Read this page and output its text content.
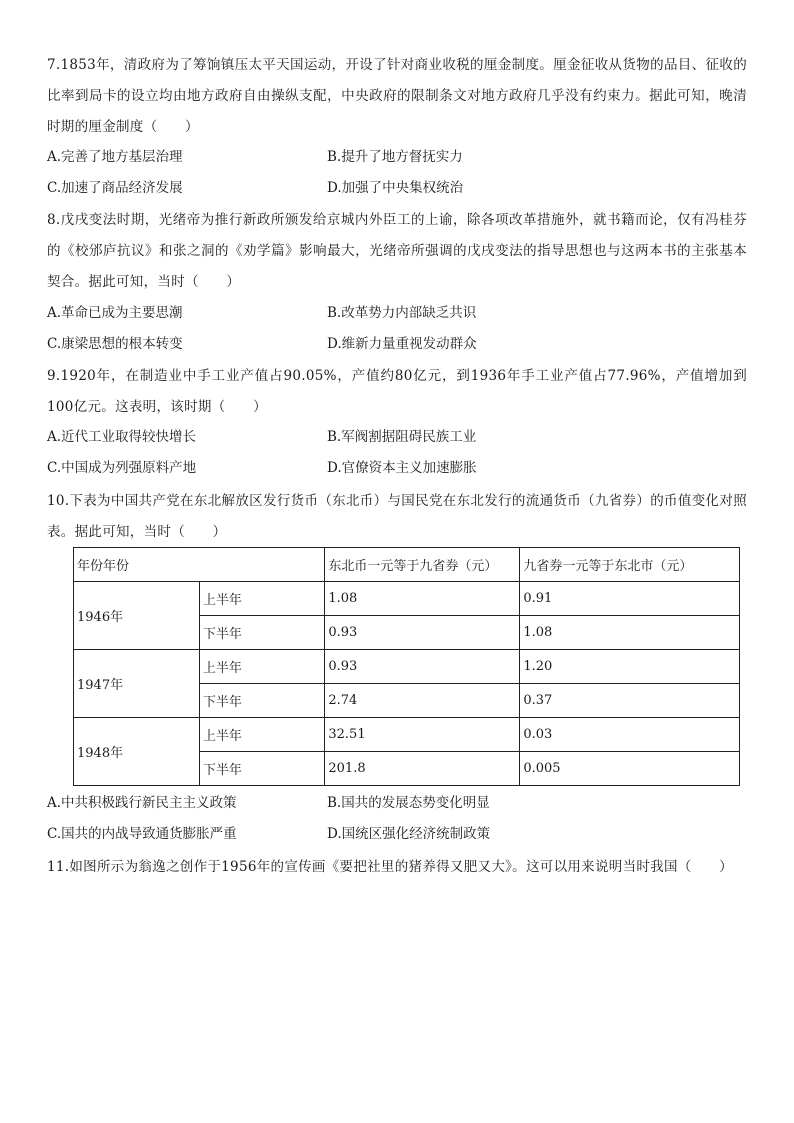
7.1853年，清政府为了筹饷镇压太平天国运动，开设了针对商业收税的厘金制度。厘金征收从货物的品目、征收的比率到局卡的设立均由地方政府自由操纵支配，中央政府的限制条文对地方政府几乎没有约束力。据此可知，晚清时期的厘金制度（　　）
A.完善了地方基层治理	B.提升了地方督抚实力
C.加速了商品经济发展	D.加强了中央集权统治
8.戊戌变法时期，光绪帝为推行新政所颁发给京城内外臣工的上谕，除各项改革措施外，就书籍而论，仅有冯桂芬的《校邠庐抗议》和张之洞的《劝学篇》影响最大，光绪帝所强调的戊戌变法的指导思想也与这两本书的主张基本契合。据此可知，当时（　　）
A.革命已成为主要思潮	B.改革势力内部缺乏共识
C.康梁思想的根本转变	D.维新力量重视发动群众
9.1920年，在制造业中手工业产值占90.05%，产值约80亿元，到1936年手工业产值占77.96%，产值增加到100亿元。这表明，该时期（　　）
A.近代工业取得较快增长	B.军阀割据阻碍民族工业
C.中国成为列强原料产地	D.官僚资本主义加速膨胀
10.下表为中国共产党在东北解放区发行货币（东北币）与国民党在东北发行的流通货币（九省券）的币值变化对照表。据此可知，当时（　　）
年份年份		东北币一元等于九省券（元）	九省券一元等于东北市（元）
1946年	上半年	1.08	0.91
	下半年	0.93	1.08
1947年	上半年	0.93	1.20
	下半年	2.74	0.37
1948年	上半年	32.51	0.03
	下半年	201.8	0.005
A.中共积极践行新民主主义政策	B.国共的发展态势变化明显
C.国共的内战导致通货膨胀严重	D.国统区强化经济统制政策
11.如图所示为翁逸之创作于1956年的宣传画《要把社里的猪养得又肥又大》。这可以用来说明当时我国（　　）
